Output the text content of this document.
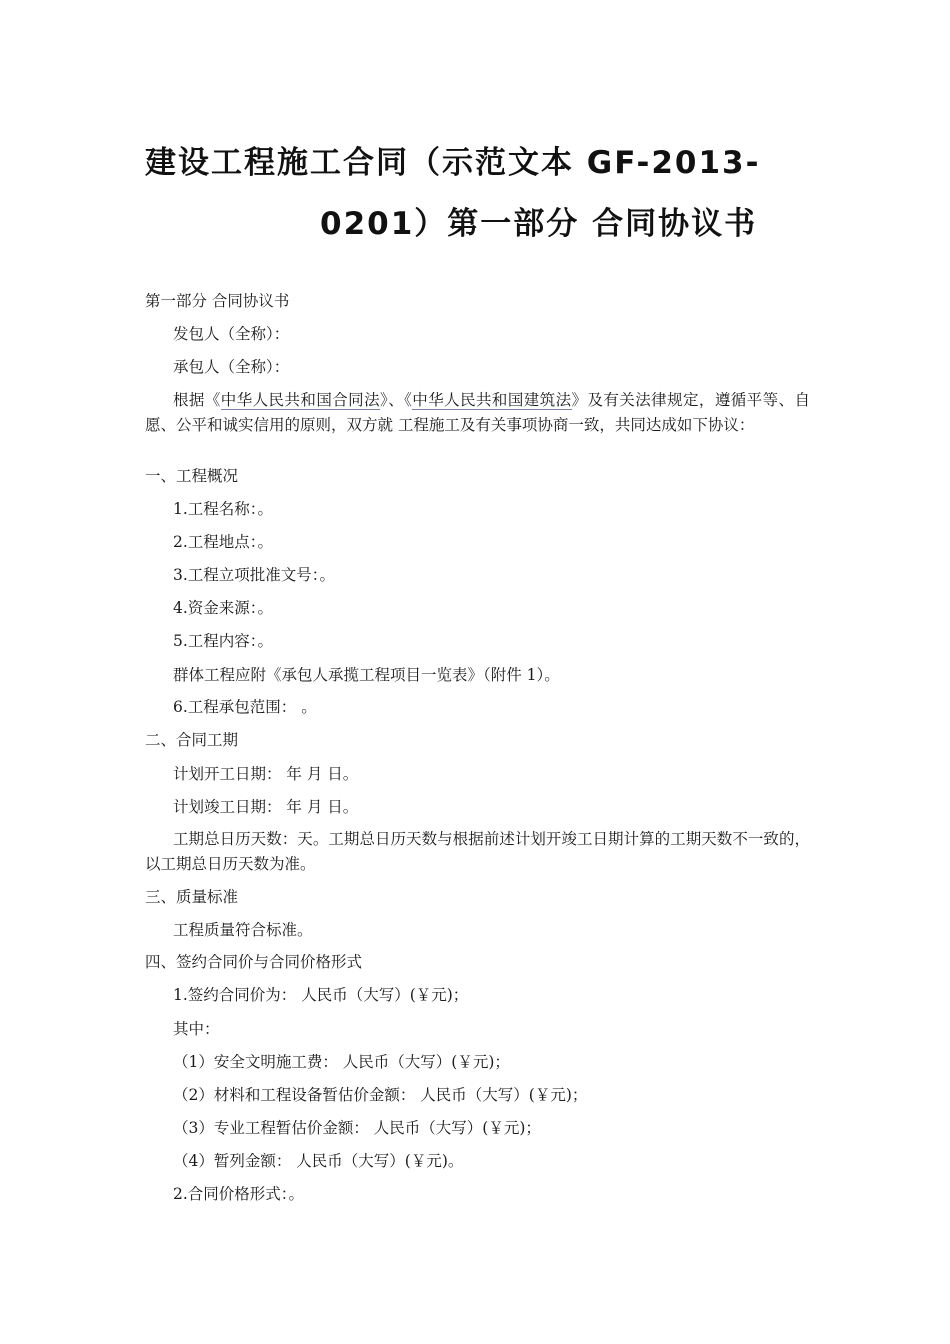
建设工程施工合同（示范文本 GF-2013-
0201）第一部分 合同协议书

第一部分 合同协议书

发包人（全称）：

承包人（全称）：

根据《中华人民共和国合同法》、《中华人民共和国建筑法》及有关法律规定，遵循平等、自愿、公平和诚实信用的原则，双方就 工程施工及有关事项协商一致，共同达成如下协议：

一、工程概况

1.工程名称：。

2.工程地点：。

3.工程立项批准文号：。

4.资金来源：。

5.工程内容：。

群体工程应附《承包人承揽工程项目一览表》（附件 1）。

6.工程承包范围： 。

二、合同工期

计划开工日期： 年 月 日。

计划竣工日期： 年 月 日。

工期总日历天数：天。工期总日历天数与根据前述计划开竣工日期计算的工期天数不一致的，以工期总日历天数为准。

三、质量标准

工程质量符合标准。

四、签约合同价与合同价格形式

1.签约合同价为： 人民币（大写）(￥元)；

其中：

（1）安全文明施工费： 人民币（大写）(￥元)；

（2）材料和工程设备暂估价金额： 人民币（大写）(￥元)；

（3）专业工程暂估价金额： 人民币（大写）(￥元)；

（4）暂列金额： 人民币（大写）(￥元)。

2.合同价格形式：。
